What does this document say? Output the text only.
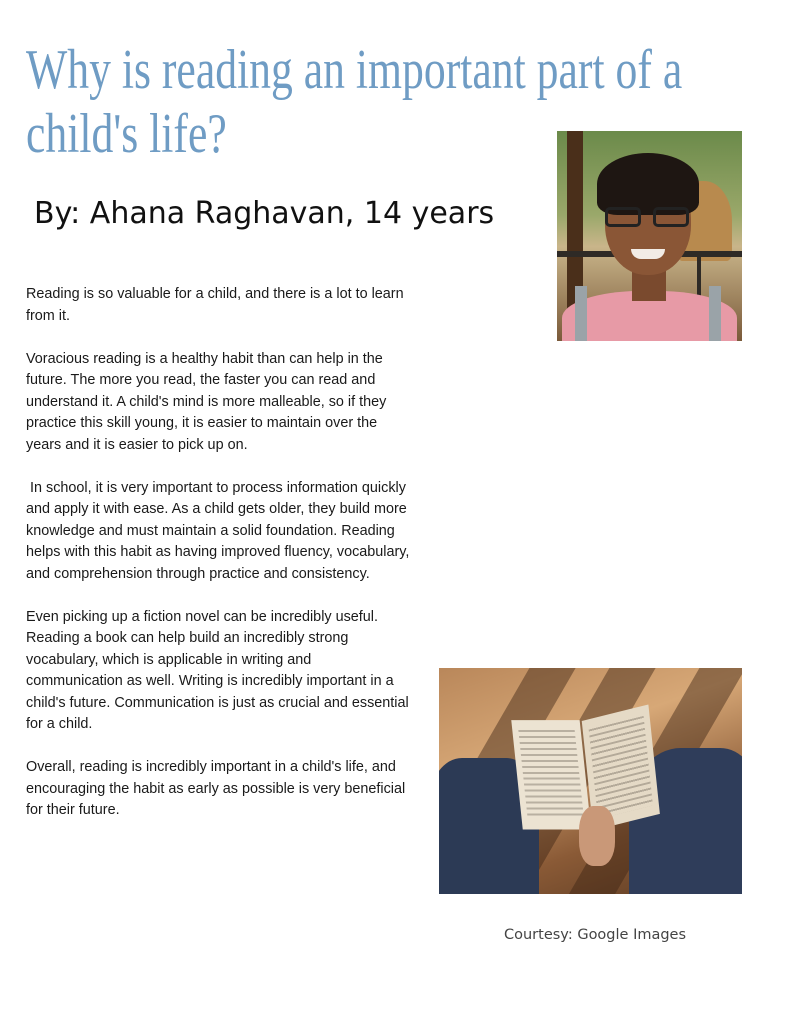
Why is reading an important part of a child's life?

By: Ahana Raghavan, 14 years

Reading is so valuable for a child, and there is a lot to learn from it.

Voracious reading is a healthy habit than can help in the future. The more you read, the faster you can read and understand it. A child's mind is more malleable, so if they practice this skill young, it is easier to maintain over the years and it is easier to pick up on.

In school, it is very important to process information quickly and apply it with ease. As a child gets older, they build more knowledge and must maintain a solid foundation. Reading helps with this habit as having improved fluency, vocabulary, and comprehension through practice and consistency.

Even picking up a fiction novel can be incredibly useful. Reading a book can help build an incredibly strong vocabulary, which is applicable in writing and communication as well. Writing is incredibly important in a child's future. Communication is just as crucial and essential for a child.

Overall, reading is incredibly important in a child's life, and encouraging the habit as early as possible is very beneficial for their future.

Courtesy: Google Images
